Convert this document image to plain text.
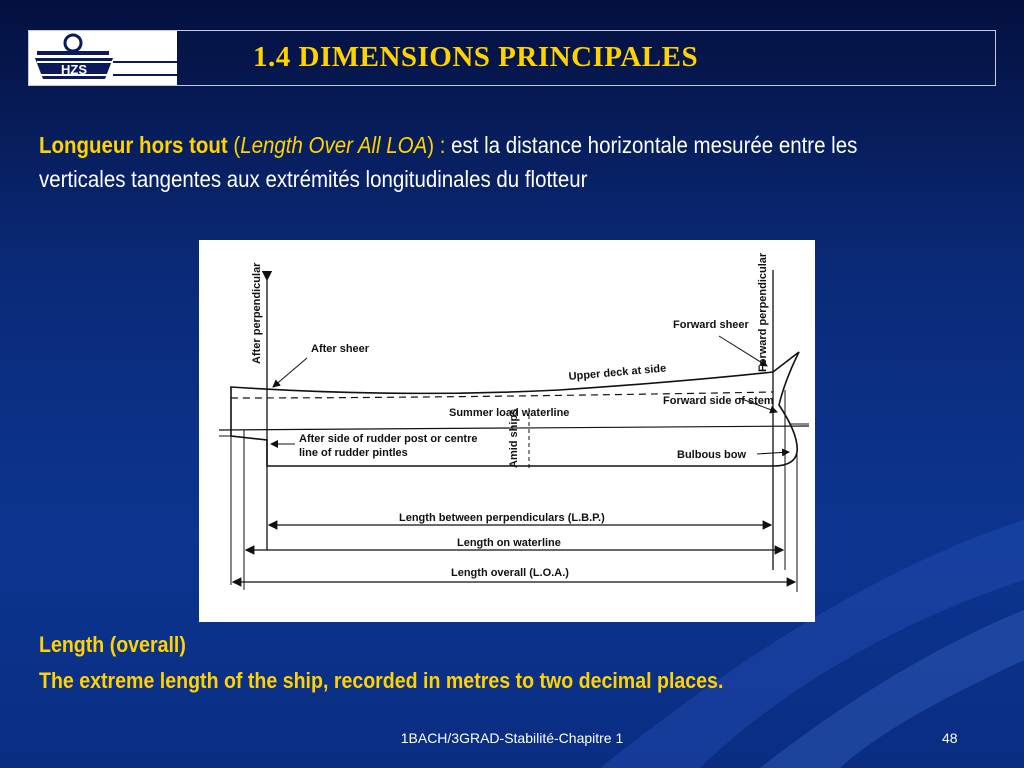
HZS	1.4 DIMENSIONS PRINCIPALES
Longueur hors tout (Length Over All LOA) : est la distance horizontale mesurée entre les verticales tangentes aux extrémités longitudinales du flotteur
After perpendicular	Forward perpendicular
After sheer
Forward sheer
Upper deck at side
Summer load waterline
Forward side of stem
After side of rudder post or centre line of rudder pintles	Amid ships	Bulbous bow
Length between perpendiculars (L.B.P.)
Length on waterline
Length overall (L.O.A.)
Length (overall)
The extreme length of the ship, recorded in metres to two decimal places.
1BACH/3GRAD-Stabilité-Chapitre 1	48
